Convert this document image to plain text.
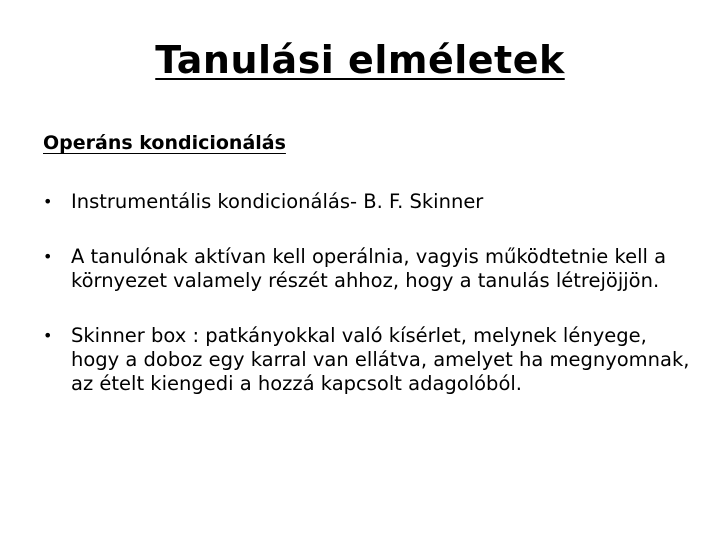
Tanulási elméletek
Operáns kondicionálás
• Instrumentális kondicionálás- B. F. Skinner
• A tanulónak aktívan kell operálnia, vagyis működtetnie kell a környezet valamely részét ahhoz, hogy a tanulás létrejöjjön.
• Skinner box : patkányokkal való kísérlet, melynek lényege, hogy a doboz egy karral van ellátva, amelyet ha megnyomnak, az ételt kiengedi a hozzá kapcsolt adagolóból.
